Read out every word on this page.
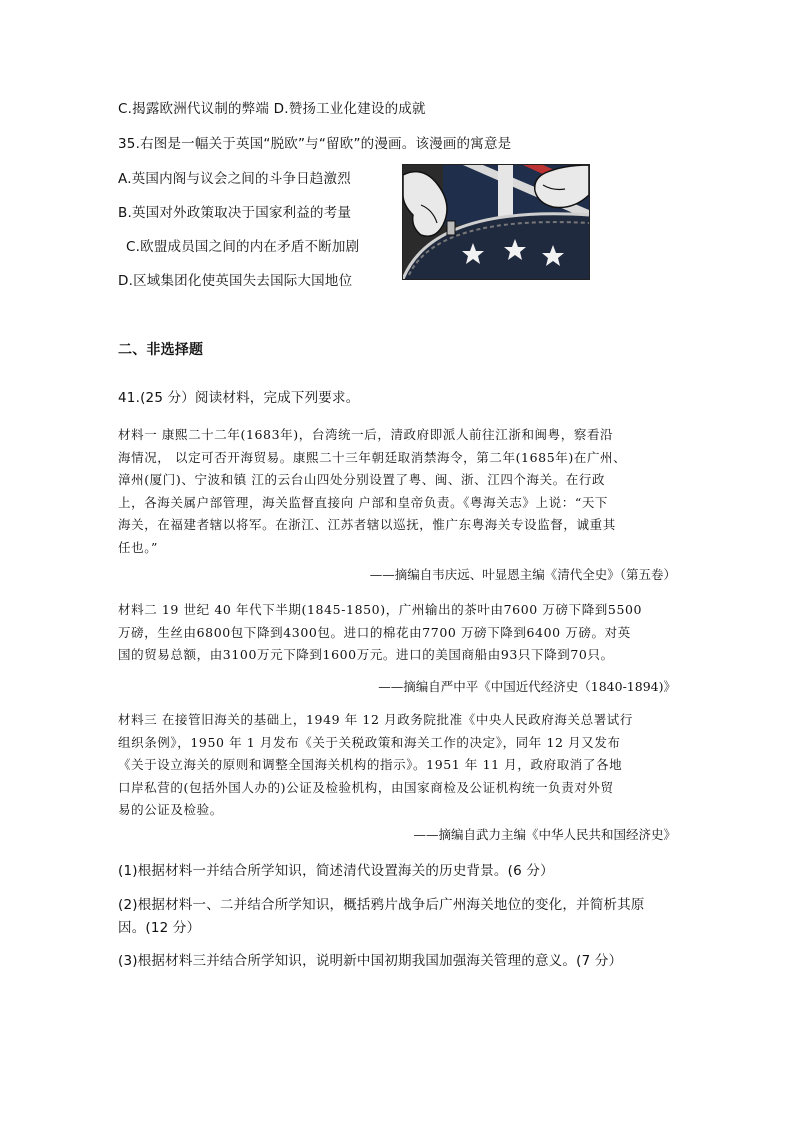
C.揭露欧洲代议制的弊端 D.赞扬工业化建设的成就
35.右图是一幅关于英国“脱欧”与“留欧”的漫画。该漫画的寓意是
A.英国内阁与议会之间的斗争日趋激烈
B.英国对外政策取决于国家利益的考量
C.欧盟成员国之间的内在矛盾不断加剧
D.区域集团化使英国失去国际大国地位
二、非选择题
41.(25 分）阅读材料，完成下列要求。

材料一 康熙二十二年(1683年)，台湾统一后，清政府即派人前往江浙和闽粤，察看沿

海情况， 以定可否开海贸易。康熙二十三年朝廷取消禁海令，第二年(1685年)在广州、

漳州(厦门)、宁波和镇 江的云台山四处分别设置了粤、闽、浙、江四个海关。在行政

上，各海关属户部管理，海关监督直接向 户部和皇帝负责。《粤海关志》上说：“天下

海关，在福建者辖以将军。在浙江、江苏者辖以巡抚，惟广东粤海关专设监督，诚重其

任也。”

——摘编自韦庆远、叶显恩主编《清代全史》（第五卷）

材料二 19 世纪 40 年代下半期(1845-1850)，广州输出的茶叶由7600 万磅下降到5500

万磅，生丝由6800包下降到4300包。进口的棉花由7700 万磅下降到6400 万磅。对英

国的贸易总额，由3100万元下降到1600万元。进口的美国商船由93只下降到70只。

——摘编自严中平《中国近代经济史（1840-1894)》

材料三 在接管旧海关的基础上，1949 年 12 月政务院批准《中央人民政府海关总署试行

组织条例》，1950 年 1 月发布《关于关税政策和海关工作的决定》，同年 12 月又发布

《关于设立海关的原则和调整全国海关机构的指示》。1951 年 11 月，政府取消了各地

口岸私营的(包括外国人办的)公证及检验机构，由国家商检及公证机构统一负责对外贸

易的公证及检验。

——摘编自武力主编《中华人民共和国经济史》
(1)根据材料一并结合所学知识，简述清代设置海关的历史背景。(6 分）
(2)根据材料一、二并结合所学知识，概括鸦片战争后广州海关地位的变化，并简析其原
因。(12 分）
(3)根据材料三并结合所学知识，说明新中国初期我国加强海关管理的意义。(7 分）
